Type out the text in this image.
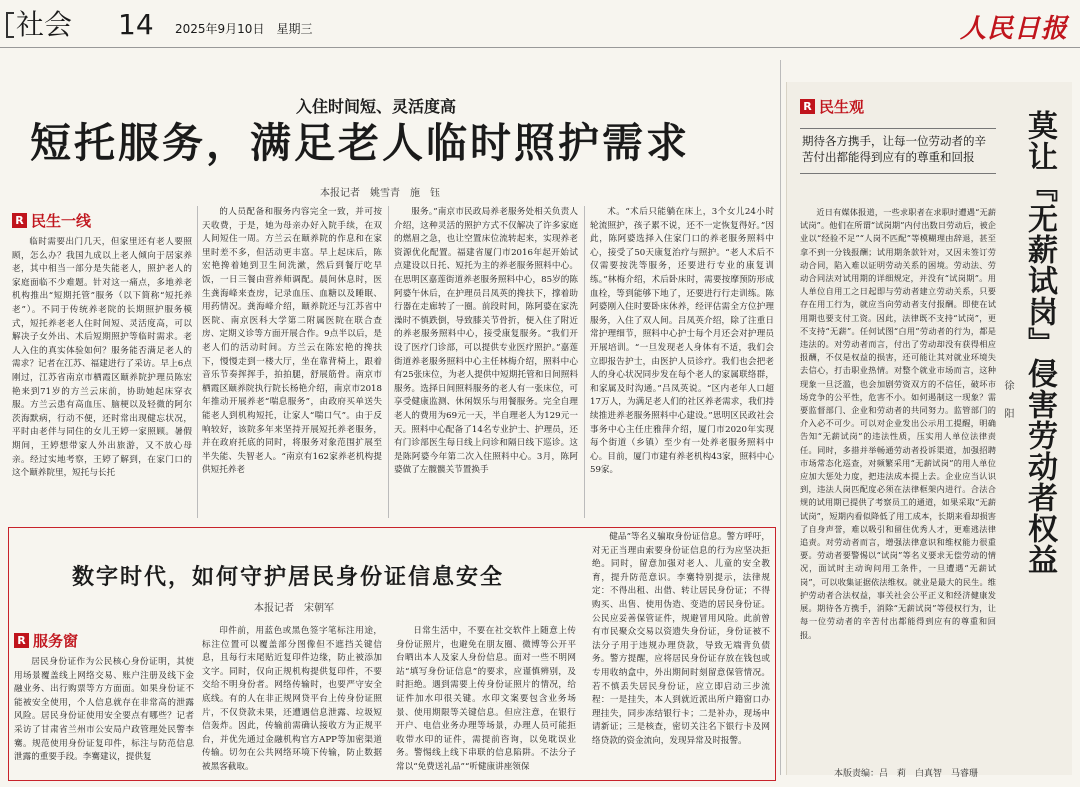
社会 14 2025年9月10日　星期三	人民日报
入住时间短、灵活度高
短托服务，满足老人临时照护需求
本报记者　姚雪青　施　钰
R 民生一线

临时需要出门几天，但家里还有老人要照顾，怎么办？我国九成以上老人倾向于居家养老，其中相当一部分是失能老人，照护老人的家庭面临不少难题。针对这一痛点，多地养老机构推出“短期托管”服务（以下简称“短托养老”）。不同于传统养老院的长期照护服务模式，短托养老老人住时间短、灵活度高，可以解决子女外出、术后短期照护等临时需求。老人入住的真实体验如何？服务能否满足老人的需求？记者在江苏、福建进行了采访。早上6点刚过，江苏省南京市栖霞区颐养院护理员陈宏艳来到71岁的方兰云床前，协助她起床穿衣服。方兰云患有高血压、脑梗以及轻微的阿尔茨海默病，行动不便，还时常出现健忘状况，平时由老伴与同住的女儿王婷一家照顾。暑假期间，王婷想带家人外出旅游，又不放心母亲。经过实地考察，王婷了解到，在家门口的这个颐养院里，短托与长托

的人员配备和服务内容完全一致，并可按天收费，于是，她为母亲办好入院手续，在双人间短住一周。方兰云在颐养院的作息和在家里时差不多，但活动更丰富。早上起床后，陈宏艳搀着她到卫生间洗漱，然后到餐厅吃早饭，一日三餐由营养师调配。晨间休息时，医生龚海峰来查房，记录血压、血糖以及睡眠、用药情况。龚海峰介绍，颐养院还与江苏省中医院、南京医科大学第二附属医院在联合查房、定期义诊等方面开展合作。9点半以后，是老人们的活动时间。方兰云在陈宏艳的搀扶下，慢慢走到一楼大厅，坐在靠背椅上，跟着音乐节奏挥挥手，拍拍腿，舒展筋骨。南京市栖霞区颐养院执行院长杨艳介绍，南京市2018年推动开展养老“喘息服务”，由政府买单送失能老人到机构短托，让家人“喘口气”。由于反响较好，该院多年来坚持开展短托养老服务，并在政府托底的同时，将服务对象范围扩展至半失能、失智老人。“南京有162家养老机构提供短托养老

服务。”南京市民政局养老服务处相关负责人介绍，这种灵活的照护方式不仅解决了许多家庭的燃眉之急，也让空置床位流转起来，实现养老资源优化配置。福建省厦门市2016年起开始试点建设以日托、短托为主的养老服务照料中心。在思明区嘉莲街道养老服务照料中心，85岁的陈阿婆午休后，在护理员吕凤英的搀扶下，撑着助行器在走廊转了一圈。前段时间，陈阿婆在家洗澡时不慎跌倒，导致膝关节骨折，便入住了附近的养老服务照料中心，接受康复服务。“我们开设了医疗门诊部，可以提供专业医疗照护。”嘉莲街道养老服务照料中心主任林梅介绍，照料中心有25张床位，为老人提供中短期托管和日间照料服务。选择日间照料服务的老人有一张床位，可享受健康监测、休闲娱乐与用餐服务。完全自理老人的费用为69元一天，半自理老人为129元一天。照料中心配备了14名专业护士、护理员，还有门诊部医生每日线上问诊和隔日线下巡诊。这是陈阿婆今年第二次入住照料中心。3月，陈阿婆做了左髋髋关节置换手

术。“术后只能躺在床上，3个女儿24小时轮流照护，孩子累不说，还不一定恢复得好。”因此，陈阿婆选择入住家门口的养老服务照料中心，接受了50天康复治疗与照护。“老人术后不仅需要按洗等服务，还要进行专业的康复训练。”林梅介绍，术后卧床时，需要按摩预防形成血栓，等到能够下地了，还要进行行走训练。陈阿婆刚入住时要卧床休养，经评估需全方位护理服务，入住了双人间。吕凤英介绍，除了注重日常护理细节，照料中心护士每个月还会对护理员开展培训。“一旦发现老人身体有不适，我们会立即报告护士，由医护人员诊疗。我们也会把老人的身心状况同步发在每个老人的家属联络群，和家属及时沟通。”吕凤英说。“区内老年人口超17万人，为满足老人们的社区养老需求，我们持续推进养老服务照料中心建设。”思明区民政社会事务中心主任庄雅萍介绍，厦门市2020年实现每个街道（乡镇）至少有一处养老服务照料中心。目前，厦门市建有养老机构43家，照料中心59家。

数字时代，如何守护居民身份证信息安全
本报记者　宋朝军
R 服务窗

居民身份证作为公民核心身份证明，其使用场景覆盖线上网络交易、账户注册及线下金融业务、出行购票等方方面面。如果身份证不能被安全使用，个人信息就存在非常高的泄露风险。居民身份证使用安全要点有哪些？记者采访了甘肃省兰州市公安局户政管理处民警李騫。规范使用身份证复印件，标注与防范信息泄露的重要手段。李騫建议，提供复

印件前，用蓝色或黑色签字笔标注用途，标注位置可以覆盖部分图像但不遮挡关键信息，且每行末尾贴近复印件边缘，防止被添加文字。同时，仅向正规机构提供复印件，不要交给不明身份者。网络传输时，也要严守安全底线。有的人在非正规网贷平台上传身份证照片，不仅贷款未果，还遭遇信息泄露、垃圾短信轰炸。因此，传输前需确认接收方为正规平台，并优先通过金融机构官方APP等加密渠道传输。切勿在公共网络环境下传输，防止数据被黑客截取。

日常生活中，不要在社交软件上随意上传身份证照片，也避免在朋友圈、微博等公开平台晒出本人及家人身份信息。面对一些不明网站“填写身份证信息”的要求，应谨慎辨别，及时拒绝。遇到需要上传身份证照片的情况，给证件加水印很关键。水印文案要包含业务场景、使用期限等关键信息。但应注意，在银行开户、电信业务办理等场景，办理人员可能拒收带水印的证件，需提前咨询，以免耽误业务。警惕线上线下串联的信息陷阱。不法分子常以“免费送礼品”“听健康讲座领保

健品”等名义骗取身份证信息。警方呼吁，对无正当理由索要身份证信息的行为应坚决拒绝。同时，留意加强对老人、儿童的安全教育，提升防范意识。李騫特别提示，法律规定：不得出租、出借、转让居民身份证；不得购买、出售、使用伪造、变造的居民身份证。公民应妥善保管证件，规避冒用风险。此前曾有市民聚众交易以资遗失身份证，身份证被不法分子用于违规办理贷款，导致无端背负债务。警方提醒，应将居民身份证存放在钱包或专用收纳盒中，外出期间时刻留意保管情况。若不慎丢失居民身份证，应立即启动三步流程：一是挂失，本人到就近派出所户籍窗口办理挂失，同步冻结银行卡；二是补办，现场申请新证；三是核查，密切关注名下银行卡及网络贷款的资金流向，发现异常及时报警。

R 民生观
期待各方携手，让每一位劳动者的辛苦付出都能得到应有的尊重和回报	莫让『无薪试岗』侵害劳动者权益
徐　阳

近日有媒体报道，一些求职者在求职时遭遇“无薪试岗”。他们在所谓“试岗期”内付出数日劳动后，被企业以“经验不足”“人岗不匹配”等模糊理由辞退，甚至拿不到一分钱报酬；试用期条款针对，又因未签订劳动合同，陷入难以证明劳动关系的困境。劳动法、劳动合同法对试用期的详细规定，并没有“试岗期”。用人单位自用工之日起即与劳动者建立劳动关系，只要存在用工行为，就应当向劳动者支付报酬。即使在试用期也要支付工资。因此，法律既不支持“试岗”，更不支持“无薪”。任何试图“白用”劳动者的行为，都是违法的。对劳动者而言，付出了劳动却没有获得相应报酬，不仅是权益的损害，还可能让其对就业环境失去信心，打击职业热情。对整个就业市场而言，这种现象一旦泛滥，也会加剧劳资双方的不信任，破坏市场竞争的公平性，危害不小。如何遏制这一现象？需要监督部门、企业和劳动者的共同努力。监管部门的介入必不可少。可以对企业发出公示用工提醒，明确告知“无薪试岗”的违法性质，压实用人单位法律责任。同时，多措并举畅通劳动者投诉渠道，加强招聘市场常态化巡查，对频繁采用“无薪试岗”的用人单位应加大惩处力度，把违法成本提上去。企业应当认识到，违法人岗匹配度必须在法律框架内进行。合法合规的试用期已提供了考察员工的通道，如果采取“无薪试岗”，短期内看似降低了用工成本，长期来看却损害了自身声誉，难以吸引和留住优秀人才，更难逃法律追责。对劳动者而言，增强法律意识和维权能力很重要。劳动者要警惕以“试岗”等名义要求无偿劳动的情况，面试时主动询问用工条件，一旦遭遇“无薪试岗”，可以收集证据依法维权。就业是最大的民生。维护劳动者合法权益，事关社会公平正义和经济健康发展。期待各方携手，消除“无薪试岗”等侵权行为，让每一位劳动者的辛苦付出都能得到应有的尊重和回报。

本版责编：吕　莉　白真智　马睿珊
